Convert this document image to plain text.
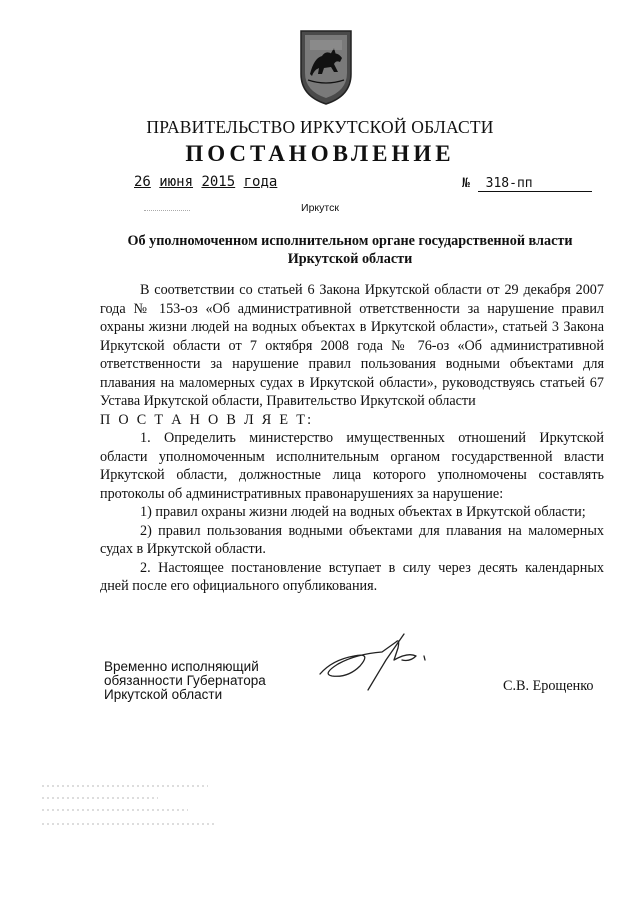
ПРАВИТЕЛЬСТВО ИРКУТСКОЙ ОБЛАСТИ
ПОСТАНОВЛЕНИЕ
26 июня 2015 года	№ 318-пп
Иркутск
Об уполномоченном исполнительном органе государственной власти
Иркутской области

В соответствии со статьей 6 Закона Иркутской области от 29 декабря 2007 года № 153-оз «Об административной ответственности за нарушение правил охраны жизни людей на водных объектах в Иркутской области», статьей 3 Закона Иркутской области от 7 октября 2008 года № 76-оз «Об административной ответственности за нарушение правил пользования водными объектами для плавания на маломерных судах в Иркутской области», руководствуясь статьей 67 Устава Иркутской области, Правительство Иркутской области

П О С Т А Н О В Л Я Е Т:

1. Определить министерство имущественных отношений Иркутской области уполномоченным исполнительным органом государственной власти Иркутской области, должностные лица которого уполномочены составлять протоколы об административных правонарушениях за нарушение:

1) правил охраны жизни людей на водных объектах в Иркутской области;

2) правил пользования водными объектами для плавания на маломерных судах в Иркутской области.

2. Настоящее постановление вступает в силу через десять календарных дней после его официального опубликования.

Временно исполняющий
обязанности Губернатора
Иркутской области
С.В. Ерощенко
